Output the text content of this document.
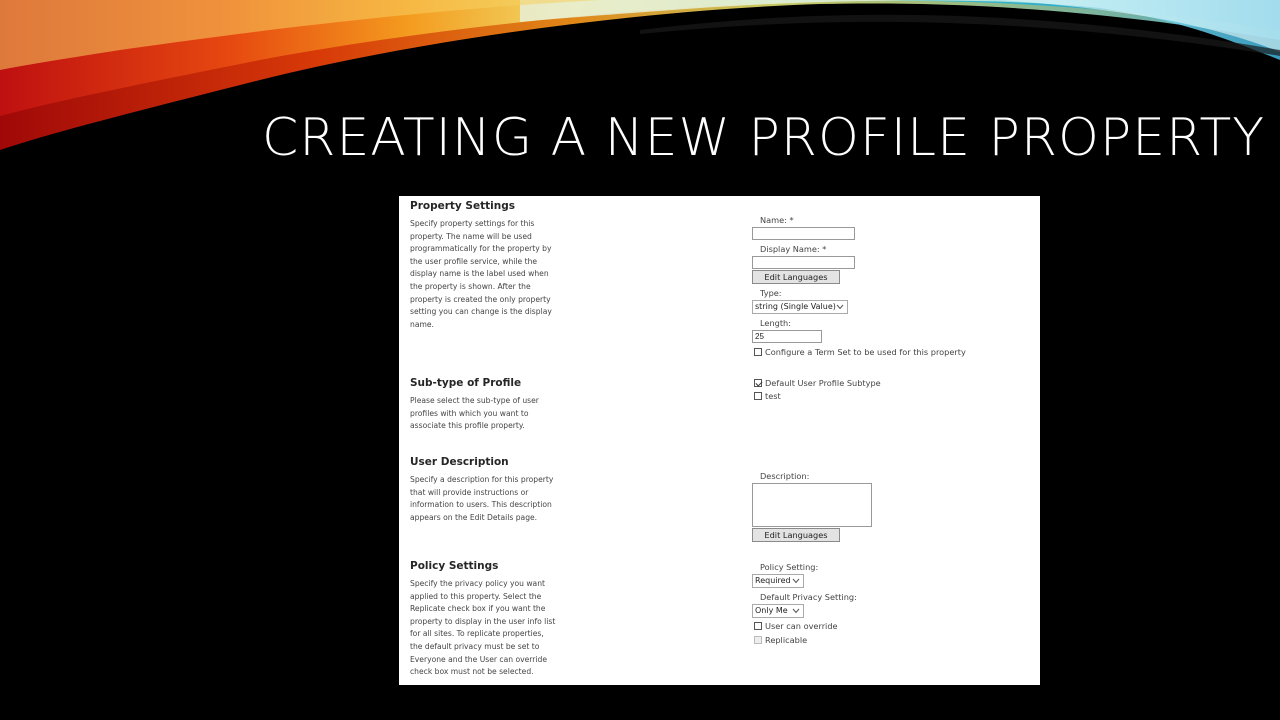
CREATING A NEW PROFILE PROPERTY
Property Settings
Specify property settings for this property. The name will be used programmatically for the property by the user profile service, while the display name is the label used when the property is shown. After the property is created the only property setting you can change is the display name.
Name: *
Display Name: *
Edit Languages
Type:
string (Single Value)
Length:
25
Configure a Term Set to be used for this property
Sub-type of Profile
Please select the sub-type of user profiles with which you want to associate this profile property.
Default User Profile Subtype
test
User Description
Specify a description for this property that will provide instructions or information to users. This description appears on the Edit Details page.
Description:
Edit Languages
Policy Settings
Specify the privacy policy you want applied to this property. Select the Replicate check box if you want the property to display in the user info list for all sites. To replicate properties, the default privacy must be set to Everyone and the User can override check box must not be selected.
Policy Setting:
Required
Default Privacy Setting:
Only Me
User can override
Replicable
